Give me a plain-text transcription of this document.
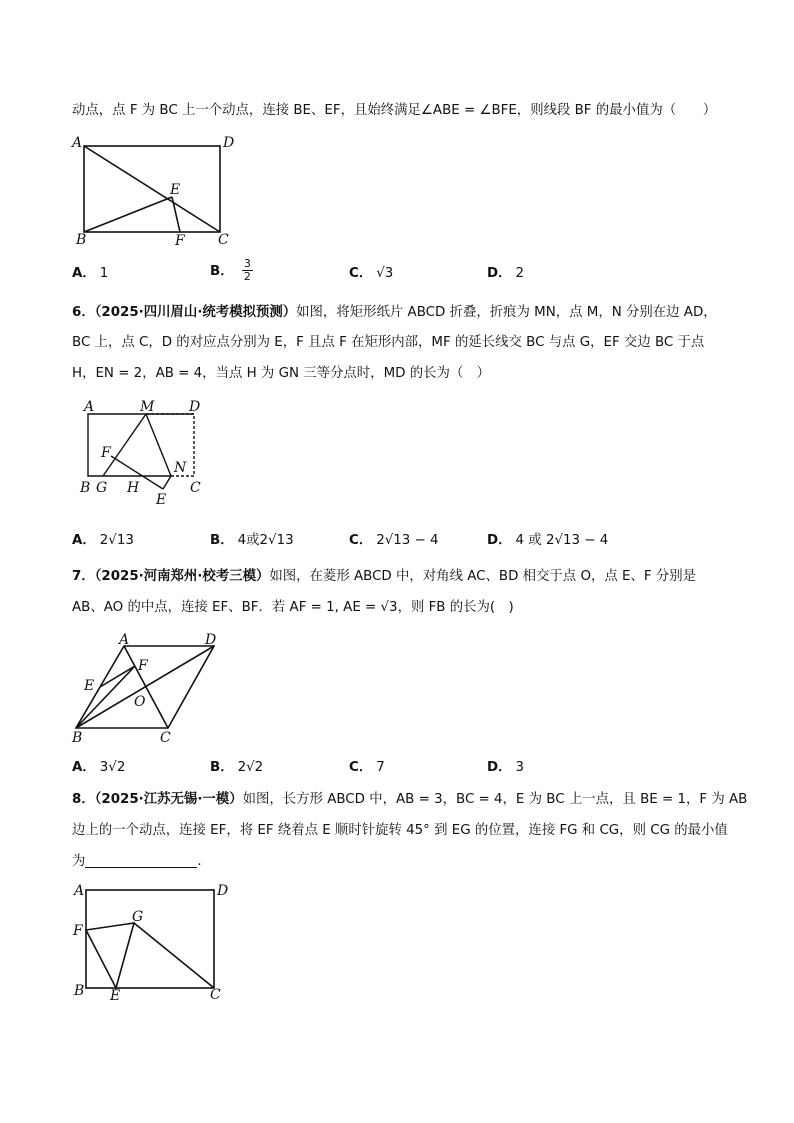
动点，点 F 为 BC 上一个动点，连接 BE、EF，且始终满足∠ABE = ∠BFE，则线段 BF 的最小值为（　　）
A	D
E
B	F C
A． 1	B． $\frac{3}{2}$	C． √3	D． 2
6．（2025·四川眉山·统考模拟预测）如图，将矩形纸片 ABCD 折叠，折痕为 MN，点 M，N 分别在边 AD，
BC 上，点 C，D 的对应点分别为 E，F 且点 F 在矩形内部，MF 的延长线交 BC 与点 G，EF 交边 BC 于点
H，EN = 2，AB = 4，当点 H 为 GN 三等分点时，MD 的长为（　）
A	M D
F
N
B G H
E
C
A． 2√13	B． 4或2√13	C． 2√13 − 4	D． 4 或 2√13 − 4
7．（2025·河南郑州·校考三模）如图，在菱形 ABCD 中，对角线 AC、BD 相交于点 O，点 E、F 分别是
AB、AO 的中点，连接 EF、BF．若 AF = 1, AE = √3，则 FB 的长为(　)
A	D
F
E
O
B	C
A． 3√2	B． 2√2	C． 7	D． 3
8．（2025·江苏无锡·一模）如图，长方形 ABCD 中，AB = 3，BC = 4，E 为 BC 上一点，且 BE = 1，F 为 AB
边上的一个动点，连接 EF，将 EF 绕着点 E 顺时针旋转 45° 到 EG 的位置，连接 FG 和 CG，则 CG 的最小值
为	．
A	D
G
F
B E	C
